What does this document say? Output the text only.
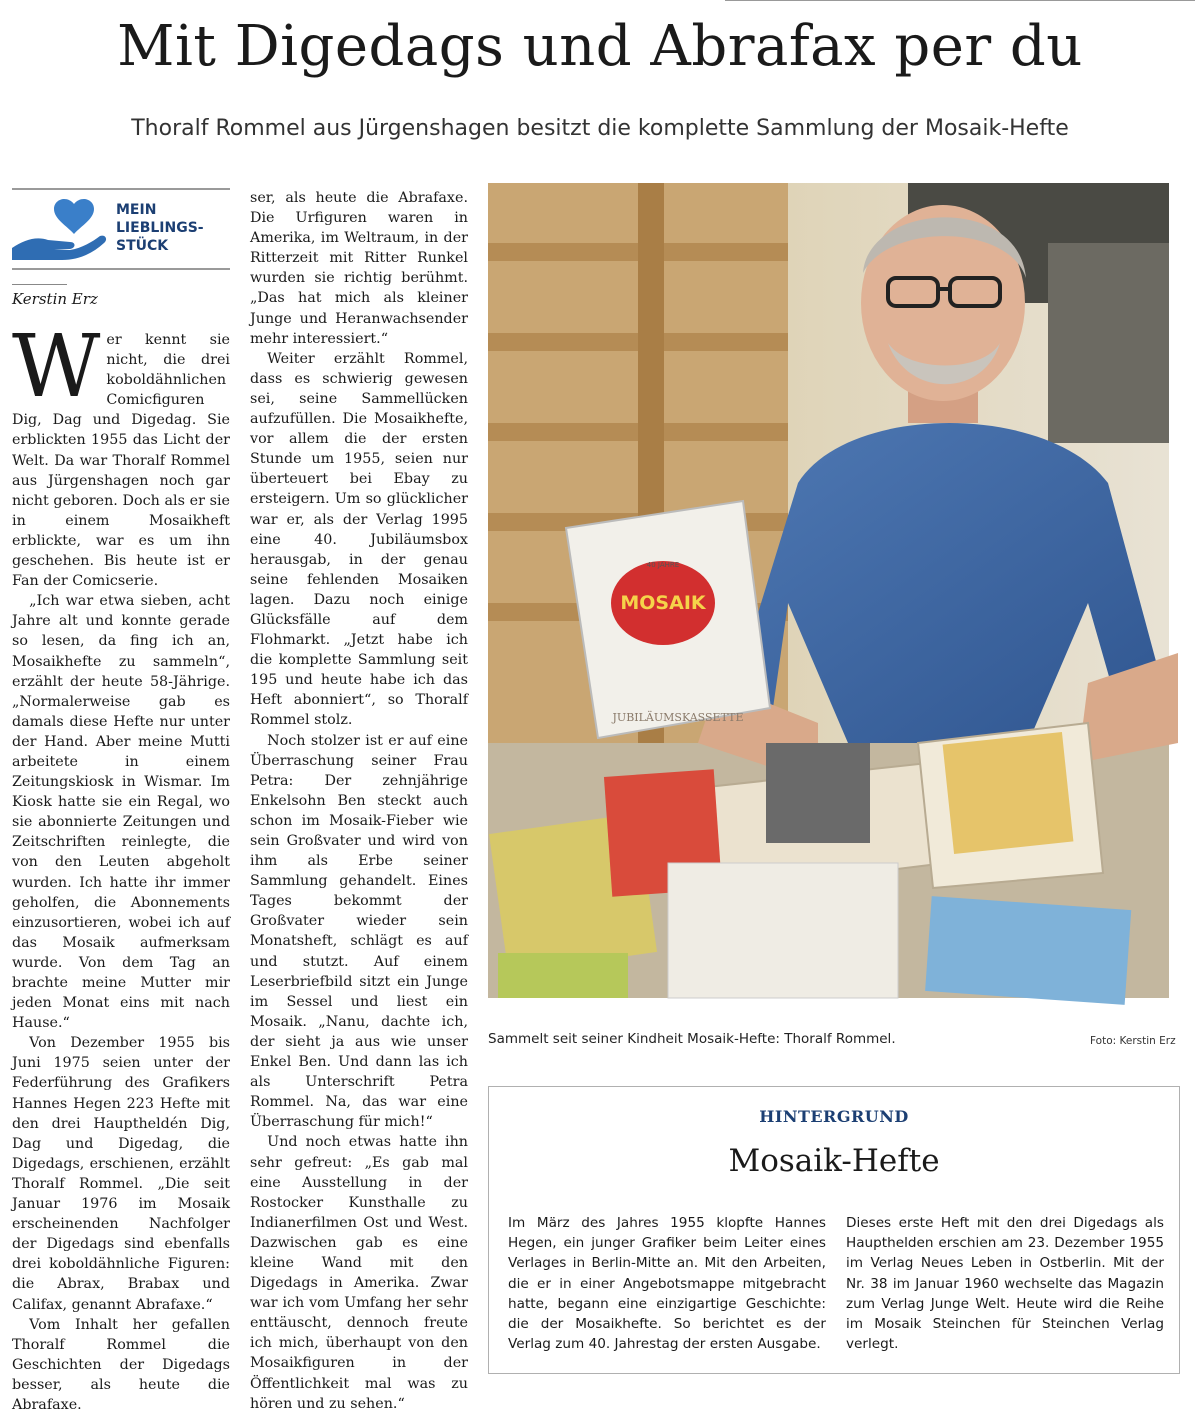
Mit Digedags und Abrafax per du

Thoralf Rommel aus Jürgenshagen besitzt die komplette Sammlung der Mosaik-Hefte

MEIN
LIEBLINGS-
STÜCK
Kerstin Erz

Wer kennt sie nicht, die drei koboldähnlichen Comicfiguren Dig, Dag und Digedag. Sie erblickten 1955 das Licht der Welt. Da war Thoralf Rommel aus Jürgenshagen noch gar nicht geboren. Doch als er sie in einem Mosaikheft erblickte, war es um ihn geschehen. Bis heute ist er Fan der Comicserie.

„Ich war etwa sieben, acht Jahre alt und konnte gerade so lesen, da fing ich an, Mosaikhefte zu sammeln“, erzählt der heute 58-Jährige. „Normalerweise gab es damals diese Hefte nur unter der Hand. Aber meine Mutti arbeitete in einem Zeitungskiosk in Wismar. Im Kiosk hatte sie ein Regal, wo sie abonnierte Zeitungen und Zeitschriften reinlegte, die von den Leuten abgeholt wurden. Ich hatte ihr immer geholfen, die Abonnements einzusortieren, wobei ich auf das Mosaik aufmerksam wurde. Von dem Tag an brachte meine Mutter mir jeden Monat eins mit nach Hause.“

Von Dezember 1955 bis Juni 1975 seien unter der Federführung des Grafikers Hannes Hegen 223 Hefte mit den drei Hauptheldén Dig, Dag und Digedag, die Digedags, erschienen, erzählt Thoralf Rommel. „Die seit Januar 1976 im Mosaik erscheinenden Nachfolger der Digedags sind ebenfalls drei koboldähnliche Figuren: die Abrax, Brabax und Califax, genannt Abrafaxe.“

Vom Inhalt her gefallen Thoralf Rommel die Geschichten der Digedags besser, als heute die Abrafaxe.

ser, als heute die Abrafaxe. Die Urfiguren waren in Amerika, im Weltraum, in der Ritterzeit mit Ritter Runkel wurden sie richtig berühmt. „Das hat mich als kleiner Junge und Heranwachsender mehr interessiert.“

Weiter erzählt Rommel, dass es schwierig gewesen sei, seine Sammellücken aufzufüllen. Die Mosaikhefte, vor allem die der ersten Stunde um 1955, seien nur überteuert bei Ebay zu ersteigern. Um so glücklicher war er, als der Verlag 1995 eine 40. Jubiläumsbox herausgab, in der genau seine fehlenden Mosaiken lagen. Dazu noch einige Glücksfälle auf dem Flohmarkt. „Jetzt habe ich die komplette Sammlung seit 195 und heute habe ich das Heft abonniert“, so Thoralf Rommel stolz.

Noch stolzer ist er auf eine Überraschung seiner Frau Petra: Der zehnjährige Enkelsohn Ben steckt auch schon im Mosaik-Fieber wie sein Großvater und wird von ihm als Erbe seiner Sammlung gehandelt. Eines Tages bekommt der Großvater wieder sein Monatsheft, schlägt es auf und stutzt. Auf einem Leserbriefbild sitzt ein Junge im Sessel und liest ein Mosaik. „Nanu, dachte ich, der sieht ja aus wie unser Enkel Ben. Und dann las ich als Unterschrift Petra Rommel. Na, das war eine Überraschung für mich!“

Und noch etwas hatte ihn sehr gefreut: „Es gab mal eine Ausstellung in der Rostocker Kunsthalle zu Indianerfilmen Ost und West. Dazwischen gab es eine kleine Wand mit den Digedags in Amerika. Zwar war ich vom Umfang her sehr enttäuscht, dennoch freute ich mich, überhaupt von den Mosaikfiguren in der Öffentlichkeit mal was zu hören und zu sehen.“

MOSAIK
40 JAHRE
JUBILÄUMSKASSETTE
Sammelt seit seiner Kindheit Mosaik-Hefte: Thoralf Rommel.	Foto: Kerstin Erz
HINTERGRUND
Mosaik-Hefte
Im März des Jahres 1955 klopfte Hannes Hegen, ein junger Grafiker beim Leiter eines Verlages in Berlin-Mitte an. Mit den Arbeiten, die er in einer Angebotsmappe mitgebracht hatte, begann eine einzigartige Geschichte: die der Mosaikhefte. So berichtet es der Verlag zum 40. Jahrestag der ersten Ausgabe.
Dieses erste Heft mit den drei Digedags als Haupthelden erschien am 23. Dezember 1955 im Verlag Neues Leben in Ostberlin. Mit der Nr. 38 im Januar 1960 wechselte das Magazin zum Verlag Junge Welt. Heute wird die Reihe im Mosaik Steinchen für Steinchen Verlag verlegt.
